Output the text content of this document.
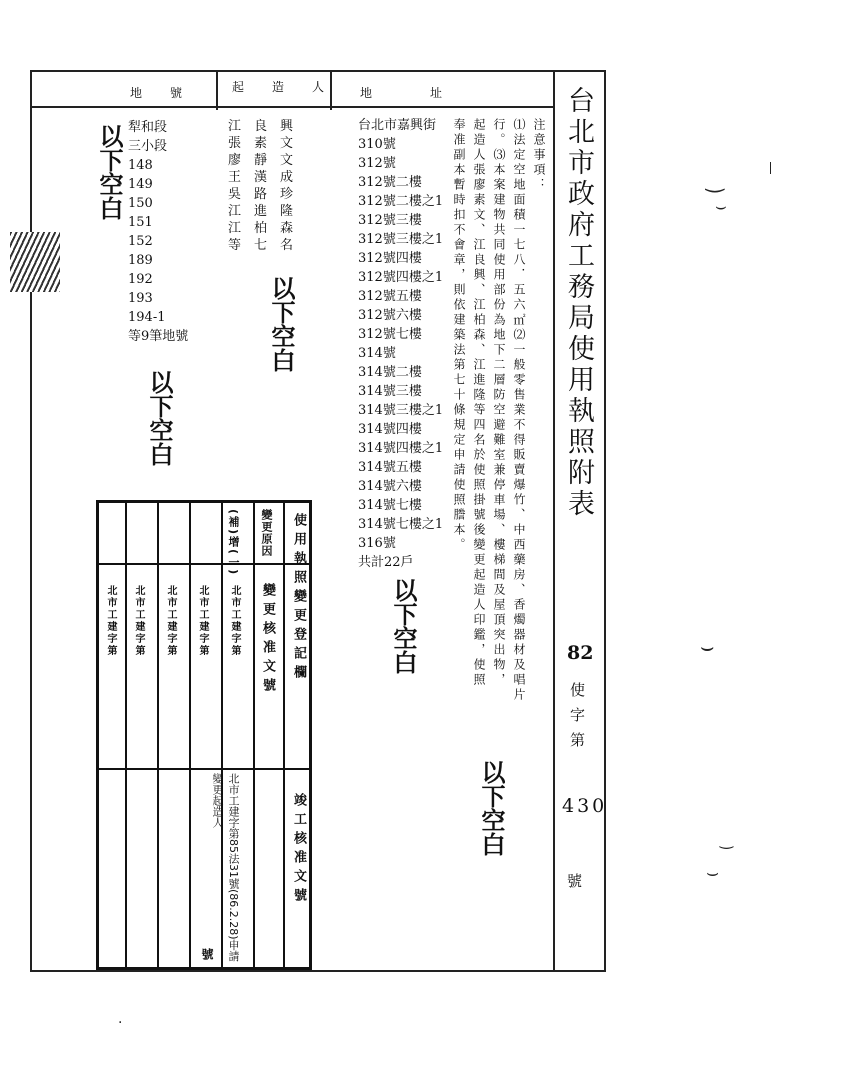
地號 起造人 地址 台北市政府工務局使用執照附表
犁和段
三小段
148
149
150
151
152
189
192
193
194-1
等9筆地號
江
張
廖
王
吳
江
江
等
良
素
靜
漢
路
進
柏
七
興
文
文
成
珍
隆
森
名
台北市嘉興街
310號
312號
312號二樓
312號二樓之1
312號三樓
312號三樓之1
312號四樓
312號四樓之1
312號五樓
312號六樓
312號七樓
314號
314號二樓
314號三樓
314號三樓之1
314號四樓
314號四樓之1
314號五樓
314號六樓
314號七樓
314號七樓之1
316號
共計22戶
注意事項：
⑴法定空地面積一七八．五六㎡⑵一般零售業不得販賣爆竹、中西藥房、香燭器材及唱片
行。⑶本案建物共同使用部份為地下二層防空避難室兼停車場、樓梯間及屋頂突出物，
起造人張廖素文、江良興、江柏森、江進隆等四名於使照掛號後變更起造人印鑑，使照
奉准副本暫時扣不會章，則依建築法第七十條規定申請使照謄本。
以下空白
以下空白
以下空白
以下空白
以下空白
82
使字第
430
號
使用執照變更登記欄
變更原因
變更核准文號
(補)增(一)
北市工建字第
北市工建字第85法31號(86.2.28)申請變更起造人
北市工建字第
北市工建字第
北市工建字第
北市工建字第
竣工核准文號
號
‿
⌣
⌣
‿
⌣
·
